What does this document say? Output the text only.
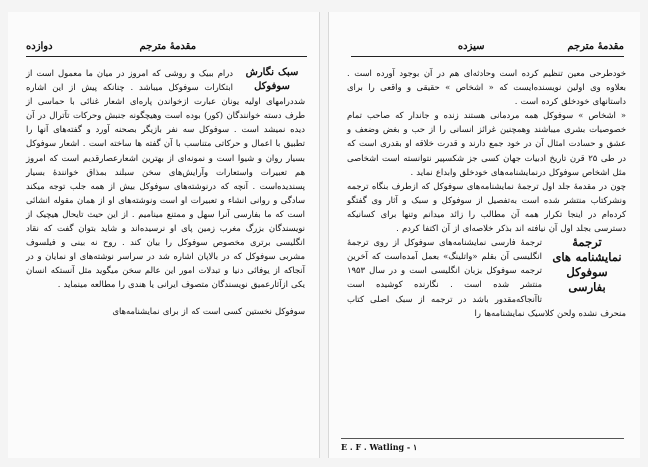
دوازده	مقدمهٔ مترجم
سبک نگارش سوفوکل

درام ببیک و روشی که امروز در میان ما معمول است از ابتکارات سوفوکل میباشد . چنانکه پیش از این اشاره شددرامهای اولیه یونان عبارت ازخواندن پاره‌ای اشعار غنائی با حماسی از طرف دسته خوانندگان (کور) بوده است وهیچگونه جنبش وحرکات تآترال در آن دیده نمیشد است . سوفوکل سه نفر بازیگر بصحنه آورد و گفته‌های آنها را تطبیق با اعمال و حرکاتی متناسب با آن گفته ها ساخته است . اشعار سوفوکل بسیار روان و شیوا است و نمونه‌ای از بهترین اشعارعصارقدیم است که امروز هم تعبیرات واستعارات وآرایش‌های سخن سبلند بمذاق خوانندهٔ بسیار پسندیده‌است . آنچه که درنوشته‌های سوفوکل بیش از همه جلب توجه میکند سادگی و روانی انشاء و تعبیرات او است ونوشته‌های او از همان مقوله انشائی است که ما بفارسی آنرا سهل و ممتنع مینامیم . از این حیث تایحال هیچیک از نویسندگان بزرگ مغرب زمین پای او نرسیده‌اند و شاید بتوان گفت که نقاد انگلیسی برتری مخصوص سوفوکل را بیان کند . روح نه بینی و فیلسوف مشربی سوفوکل که در بالاپان اشاره شد در سراسر نوشته‌های او نمایان و در آنجاکه از یوفائی دنیا و تبدلات امور این عالم سخن میگوید مثل آنستکه انسان یکی ازآثارعمیق نویسندگان متصوف ایرانی یا هندی را مطالعه مینماید .

سوفوکل نخستین کسی است که از برای نمایشنامه‌های

سیزده	مقدمهٔ مترجم

خودطرحی معین تنظیم کرده است وحادثه‌ای هم در آن بوجود آورده است . بعلاوه وی اولین نویسنده‌ایست که « اشخاص » حقیقی و واقعی را برای داستانهای خودخلق کرده است .

« اشخاص » سوفوکل همه مردمانی هستند زنده و جاندار که صاحب تمام خصوصیات بشری میباشند وهمچنین غرائز انسانی را از حب و بغض وضعف و عشق و حسادت امثال آن در خود جمع دارند و قدرت خلاقه او بقدری است که در طی ۲۵ قرن تاریخ ادبیات جهان کسی جز شکسپیر نتوانسته است اشخاصی مثل اشخاص سوفوکل درنمایشنامه‌های خودخلق وابداع نماید .

چون در مقدمهٔ جلد اول ترجمهٔ نمایشنامه‌های سوفوکل که ازطرف بنگاه ترجمه ونشرکتاب منتشر شده است به‌تفصیل از سوفوکل و سبک و آثار وی گفتگو کرده‌ام در اینجا تکرار همه آن مطالب را زائد میدانم وتنها برای کسانیکه دسترسی بجلد اول آن نیافته اند بذکر خلاصه‌ای از آن اکتفا کردم .

ترجمهٔ نمایشنامه های سوفوکل بفارسی

ترجمهٔ فارسی نمایشنامه‌های سوفوکل از روی ترجمهٔ انگلیسی آن بقلم «واتلینگ» بعمل آمده‌است که آخرین ترجمه سوفوکل بزبان انگلیسی است و در سال ۱۹۵۳ منتشر شده است . نگارنده کوشیده است تاآنجاکه‌مقدور باشد در ترجمه از سبک اصلی کتاب منحرف نشده ولحن کلاسیک نمایشنامه‌ها را

E . F . Watling - ۱
